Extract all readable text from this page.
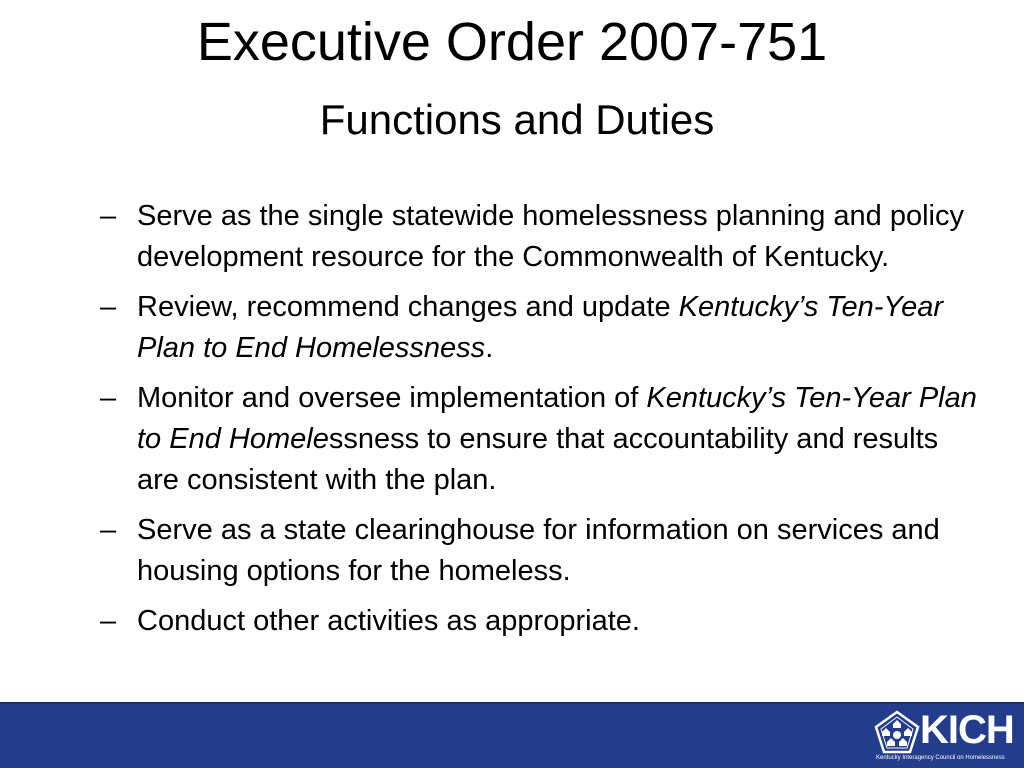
Executive Order 2007-751
Functions and Duties
– Serve as the single statewide homelessness planning and policy development resource for the Commonwealth of Kentucky.
– Review, recommend changes and update Kentucky’s Ten-Year Plan to End Homelessness.
– Monitor and oversee implementation of Kentucky’s Ten-Year Plan to End Homelessness to ensure that accountability and results are consistent with the plan.
– Serve as a state clearinghouse for information on services and housing options for the homeless.
– Conduct other activities as appropriate.
KICH
Kentucky Interagency Council on Homelessness
